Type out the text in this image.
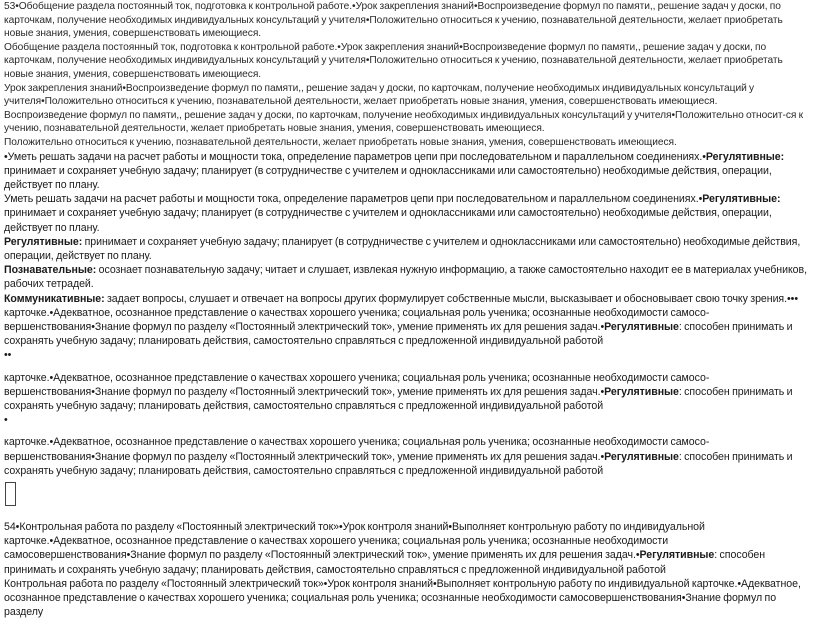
53•Обобщение раздела постоянный ток, подготовка к контрольной работе.•Урок закрепления знаний•Воспроизведение формул по памяти,, решение задач у доски, по карточкам, получение необходимых индивидуальных консультаций у учителя•Положительно относиться к учению, познавательной деятельности, желает приобретать новые знания, умения, совершенствовать имеющиеся.

Обобщение раздела постоянный ток, подготовка к контрольной работе.•Урок закрепления знаний•Воспроизведение формул по памяти,, решение задач у доски, по карточкам, получение необходимых индивидуальных консультаций у учителя•Положительно относиться к учению, познавательной деятельности, желает приобретать новые знания, умения, совершенствовать имеющиеся.

Урок закрепления знаний•Воспроизведение формул по памяти,, решение задач у доски, по карточкам, получение необходимых индивидуальных консультаций у учителя•Положительно относиться к учению, познавательной деятельности, желает приобретать новые знания, умения, совершенствовать имеющиеся.

Воспроизведение формул по памяти,, решение задач у доски, по карточкам, получение необходимых индивидуальных консультаций у учителя•Положительно относит-ся к учению, познавательной деятельности, желает приобретать новые знания, умения, совершенствовать имеющиеся.

Положительно относиться к учению, познавательной деятельности, желает приобретать новые знания, умения, совершенствовать имеющиеся.

•Уметь решать задачи на расчет работы и мощности тока, определение параметров цепи при последовательном и параллельном соединениях.•Регулятивные: принимает и сохраняет учебную задачу; планирует (в сотрудничестве с учителем и одноклассниками или самостоятельно) необходимые действия, операции, действует по плану.

Уметь решать задачи на расчет работы и мощности тока, определение параметров цепи при последовательном и параллельном соединениях.•Регулятивные: принимает и сохраняет учебную задачу; планирует (в сотрудничестве с учителем и одноклассниками или самостоятельно) необходимые действия, операции, действует по плану.

Регулятивные: принимает и сохраняет учебную задачу; планирует (в сотрудничестве с учителем и одноклассниками или самостоятельно) необходимые действия, операции, действует по плану.

Познавательные: осознает познавательную задачу; читает и слушает, извлекая нужную информацию, а также самостоятельно находит ее в материалах учебников, рабочих тетрадей.

Коммуникативные: задает вопросы, слушает и отвечает на вопросы других формулирует собственные мысли, высказывает и обосновывает свою точку зрения.•••

карточке.•Адекватное, осознанное представление о качествах хорошего ученика; социальная роль ученика; осознанные необходимости самосо-вершенствования•Знание формул по разделу «Постоянный электрический ток», умение применять их для решения задач.•Регулятивные: способен принимать и сохранять учебную задачу; планировать действия, самостоятельно справляться с предложенной индивидуальной работой
••

карточке.•Адекватное, осознанное представление о качествах хорошего ученика; социальная роль ученика; осознанные необходимости самосо-вершенствования•Знание формул по разделу «Постоянный электрический ток», умение применять их для решения задач.•Регулятивные: способен принимать и сохранять учебную задачу; планировать действия, самостоятельно справляться с предложенной индивидуальной работой
•

карточке.•Адекватное, осознанное представление о качествах хорошего ученика; социальная роль ученика; осознанные необходимости самосо-вершенствования•Знание формул по разделу «Постоянный электрический ток», умение применять их для решения задач.•Регулятивные: способен принимать и сохранять учебную задачу; планировать действия, самостоятельно справляться с предложенной индивидуальной работой

54•Контрольная работа по разделу «Постоянный электрический ток»•Урок контроля знаний•Выполняет контрольную работу по индивидуальной карточке.•Адекватное, осознанное представление о качествах хорошего ученика; социальная роль ученика; осознанные необходимости самосовершенствования•Знание формул по разделу «Постоянный электрический ток», умение применять их для решения задач.•Регулятивные: способен принимать и сохранять учебную задачу; планировать действия, самостоятельно справляться с предложенной индивидуальной работой

Контрольная работа по разделу «Постоянный электрический ток»•Урок контроля знаний•Выполняет контрольную работу по индивидуальной карточке.•Адекватное, осознанное представление о качествах хорошего ученика; социальная роль ученика; осознанные необходимости самосовершенствования•Знание формул по разделу
